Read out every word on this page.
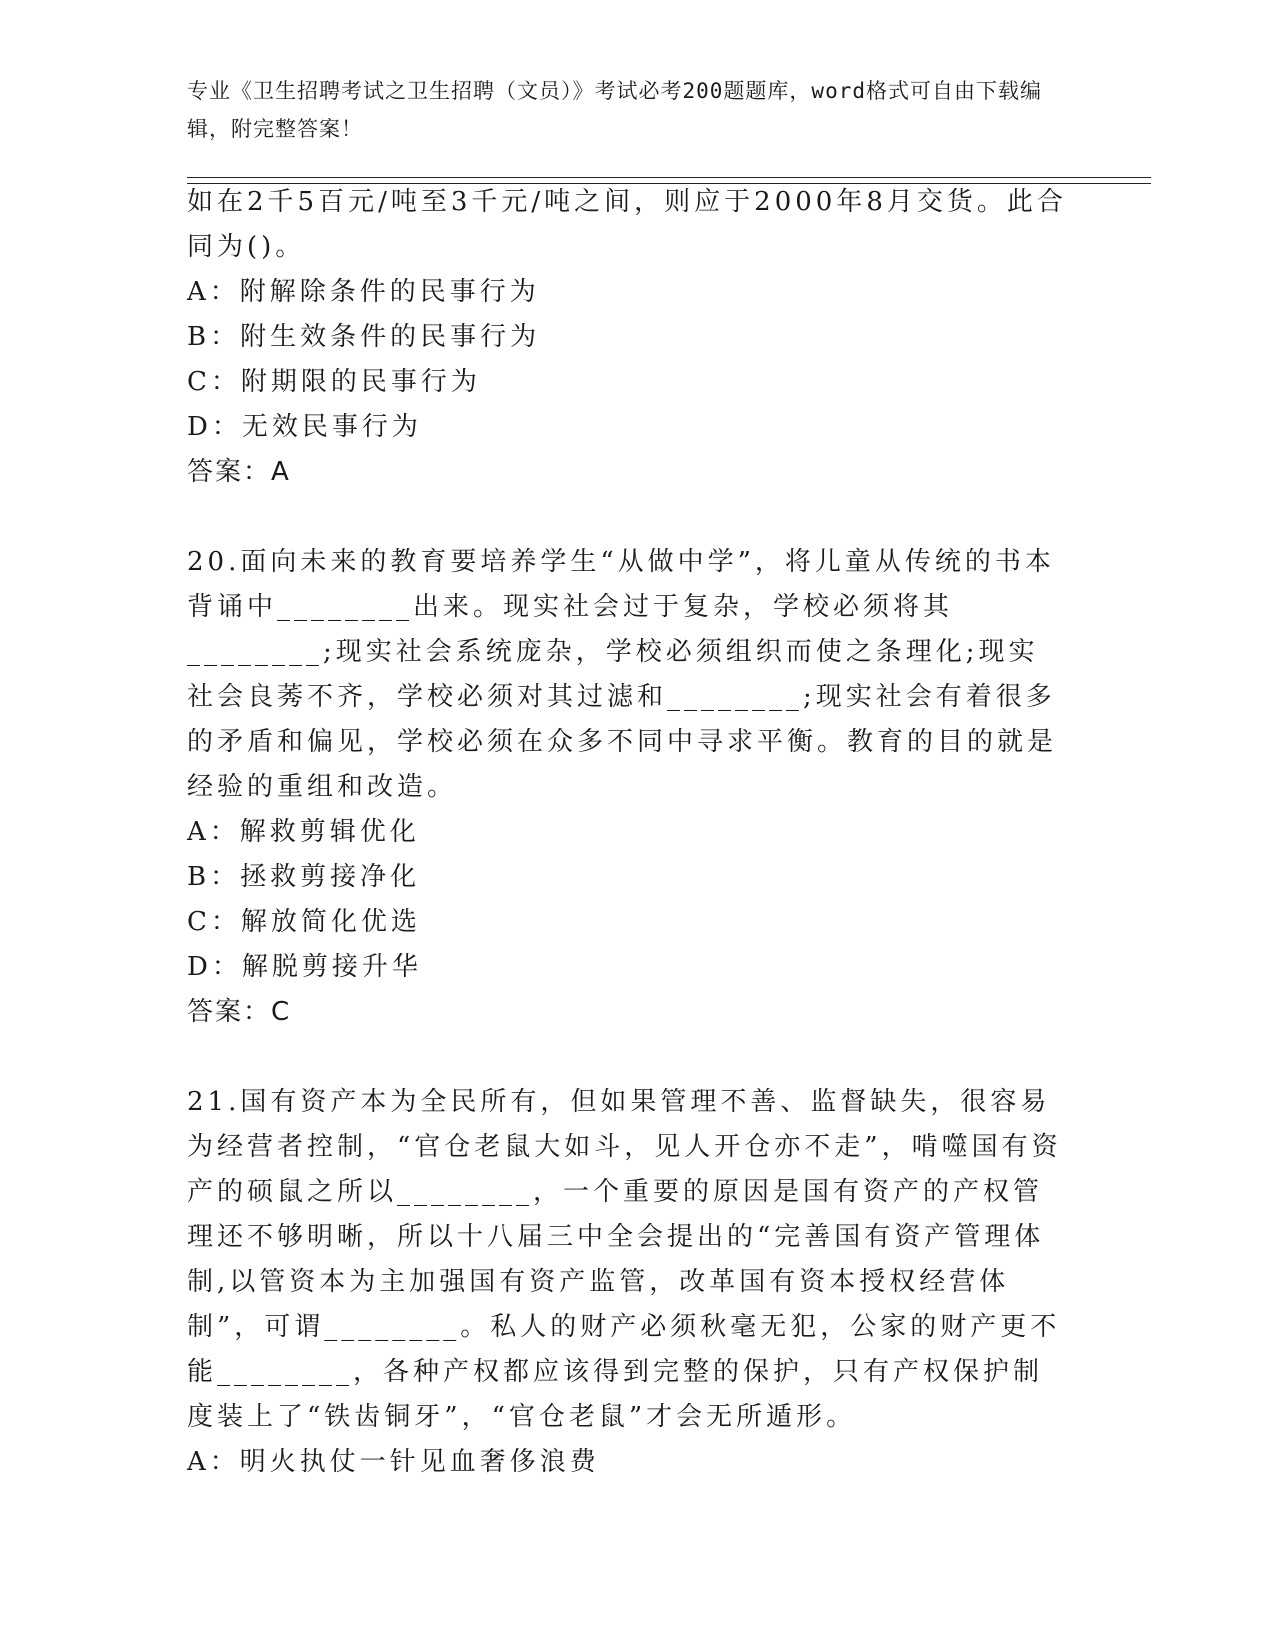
专业《卫生招聘考试之卫生招聘（文员）》考试必考200题题库，word格式可自由下载编辑，附完整答案！

如在2千5百元/吨至3千元/吨之间，则应于2000年8月交货。此合同为()。

A：附解除条件的民事行为

B：附生效条件的民事行为

C：附期限的民事行为

D：无效民事行为

答案：A

20.面向未来的教育要培养学生“从做中学”，将儿童从传统的书本背诵中________出来。现实社会过于复杂，学校必须将其________;现实社会系统庞杂，学校必须组织而使之条理化;现实社会良莠不齐，学校必须对其过滤和________;现实社会有着很多的矛盾和偏见，学校必须在众多不同中寻求平衡。教育的目的就是经验的重组和改造。

A：解救剪辑优化

B：拯救剪接净化

C：解放简化优选

D：解脱剪接升华

答案：C

21.国有资产本为全民所有，但如果管理不善、监督缺失，很容易为经营者控制，“官仓老鼠大如斗，见人开仓亦不走”，啃噬国有资产的硕鼠之所以________，一个重要的原因是国有资产的产权管理还不够明晰，所以十八届三中全会提出的“完善国有资产管理体制,以管资本为主加强国有资产监管，改革国有资本授权经营体制”，可谓________。私人的财产必须秋毫无犯，公家的财产更不能________，各种产权都应该得到完整的保护，只有产权保护制度装上了“铁齿铜牙”，“官仓老鼠”才会无所遁形。

A：明火执仗一针见血奢侈浪费
